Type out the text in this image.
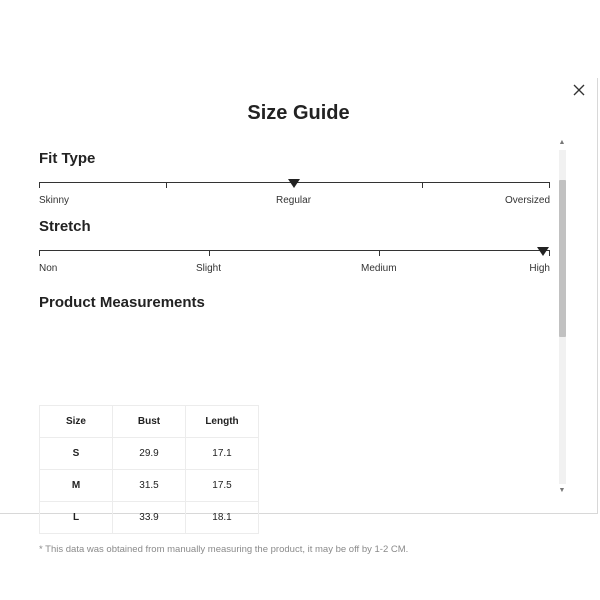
Size Guide
Fit Type
Skinny	Regular	Oversized
Stretch
Non	Slight	Medium	High
Product Measurements
Size	Bust	Length
S	29.9	17.1
M	31.5	17.5
L	33.9	18.1
* This data was obtained from manually measuring the product, it may be off by 1-2 CM.
▲
▼
